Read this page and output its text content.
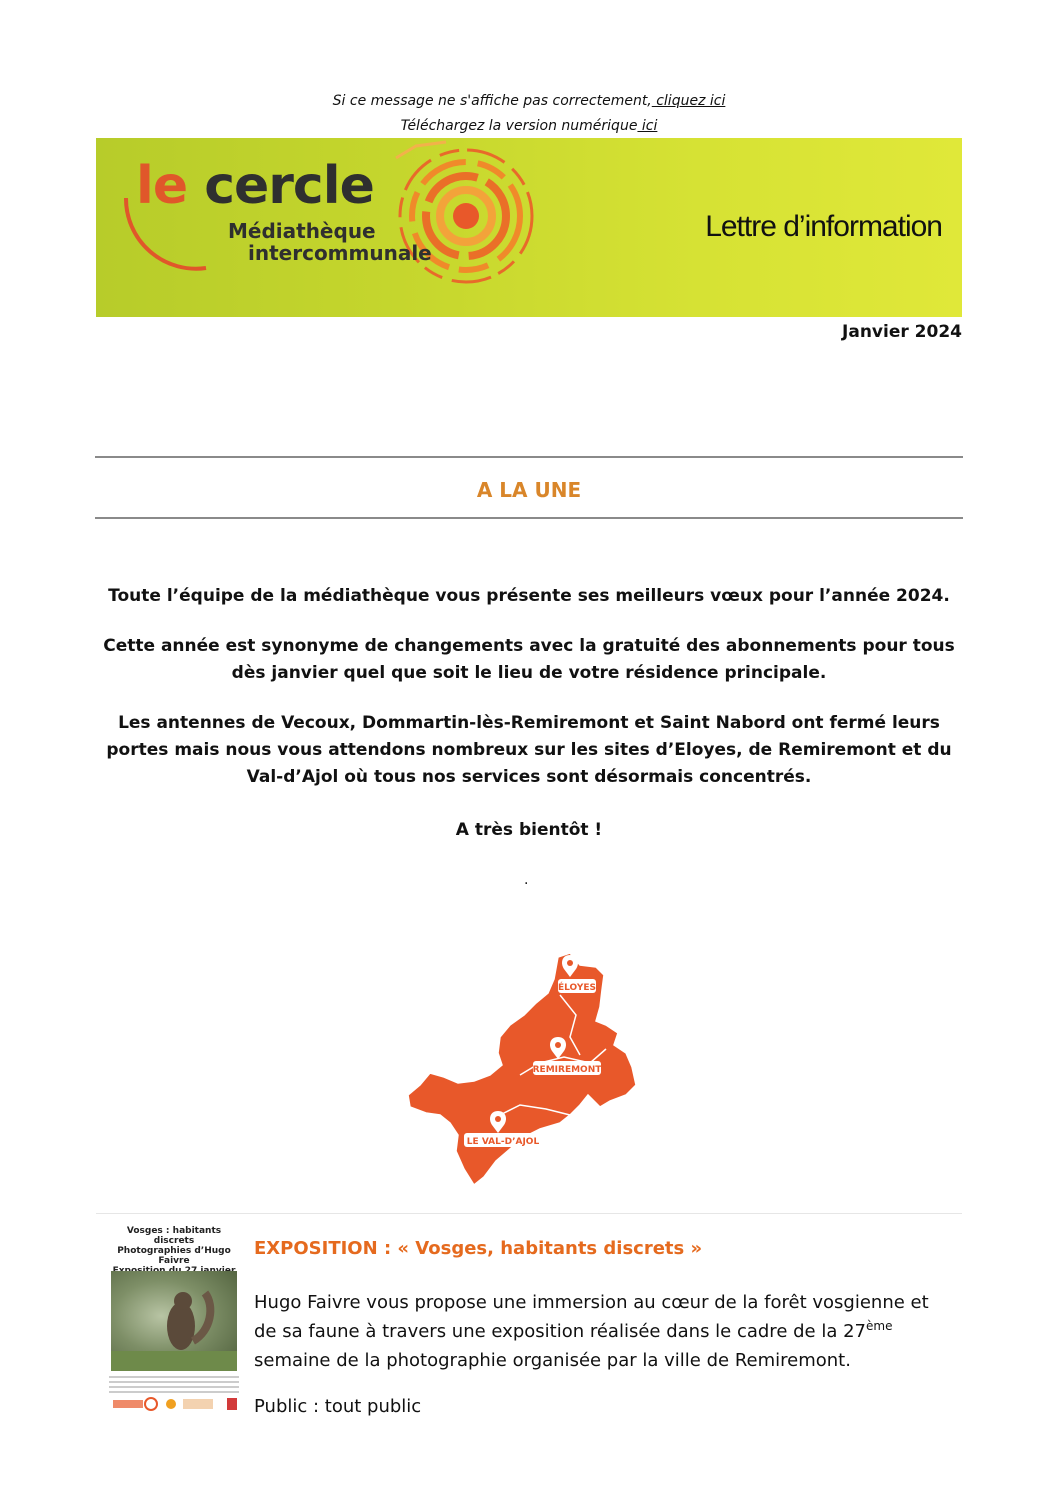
Si ce message ne s'affiche pas correctement, cliquez ici
Téléchargez la version numérique ici
le cercle
Médiathèque
intercommunale
Lettre d’information
Janvier 2024
A LA UNE
Toute l’équipe de la médiathèque vous présente ses meilleurs vœux pour l’année 2024.
Cette année est synonyme de changements avec la gratuité des abonnements pour tous dès janvier quel que soit le lieu de votre résidence principale.
Les antennes de Vecoux, Dommartin-lès-Remiremont et Saint Nabord ont fermé leurs portes mais nous vous attendons nombreux sur les sites d’Eloyes, de Remiremont et du Val-d’Ajol où tous nos services sont désormais concentrés.
A très bientôt !
.
ÉLOYES
REMIREMONT
LE VAL-D’AJOL
Vosges : habitants discrets
Photographies d’Hugo Faivre
EXPOSITION : « Vosges, habitants discrets »
Hugo Faivre vous propose une immersion au cœur de la forêt vosgienne et de sa faune à travers une exposition réalisée dans le cadre de la 27ème semaine de la photographie organisée par la ville de Remiremont.
Public : tout public
